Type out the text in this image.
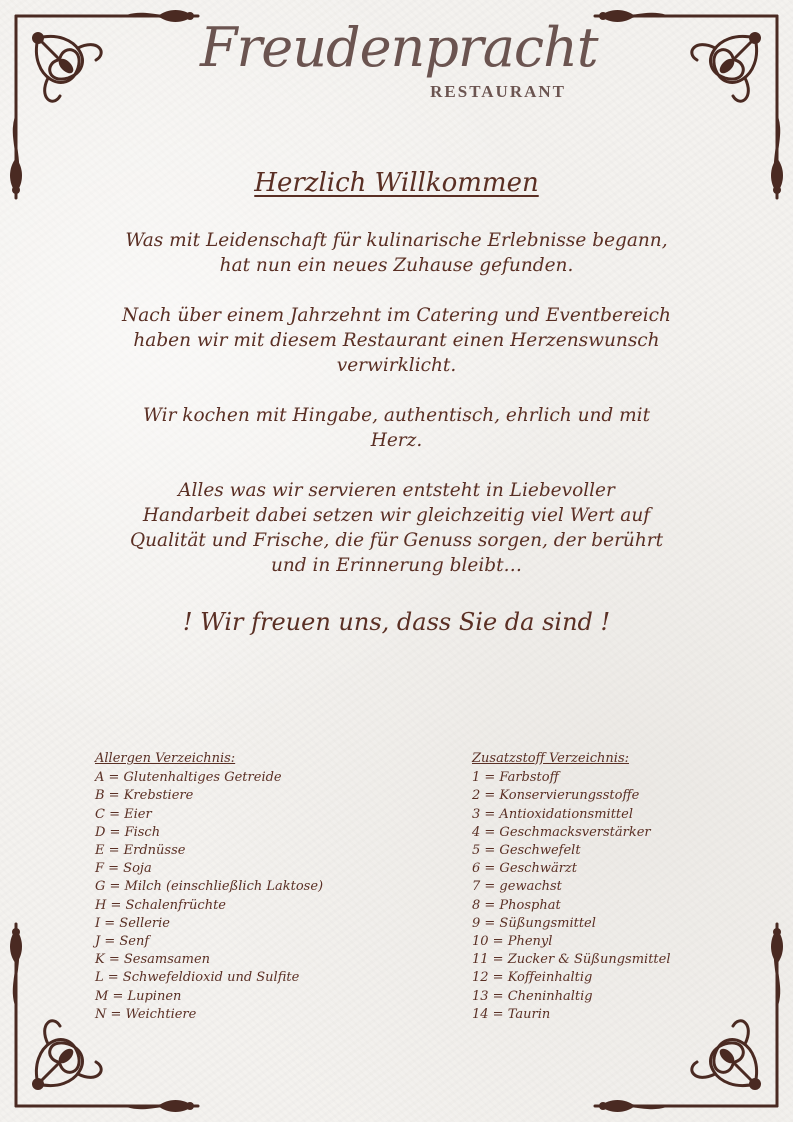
Freudenpracht
RESTAURANT
Herzlich Willkommen

Was mit Leidenschaft für kulinarische Erlebnisse begann,
hat nun ein neues Zuhause gefunden.

Nach über einem Jahrzehnt im Catering und Eventbereich
haben wir mit diesem Restaurant einen Herzenswunsch
verwirklicht.

Wir kochen mit Hingabe, authentisch, ehrlich und mit
Herz.

Alles was wir servieren entsteht in Liebevoller
Handarbeit dabei setzen wir gleichzeitig viel Wert auf
Qualität und Frische, die für Genuss sorgen, der berührt
und in Erinnerung bleibt…

! Wir freuen uns, dass Sie da sind !
Allergen Verzeichnis:
A = Glutenhaltiges Getreide
B = Krebstiere
C = Eier
D = Fisch
E = Erdnüsse
F = Soja
G = Milch (einschließlich Laktose)
H = Schalenfrüchte
I = Sellerie
J = Senf
K = Sesamsamen
L = Schwefeldioxid und Sulfite
M = Lupinen
N = Weichtiere
Zusatzstoff Verzeichnis:
1 = Farbstoff
2 = Konservierungsstoffe
3 = Antioxidationsmittel
4 = Geschmacksverstärker
5 = Geschwefelt
6 = Geschwärzt
7 = gewachst
8 = Phosphat
9 = Süßungsmittel
10 = Phenyl
11 = Zucker & Süßungsmittel
12 = Koffeinhaltig
13 = Cheninhaltig
14 = Taurin
